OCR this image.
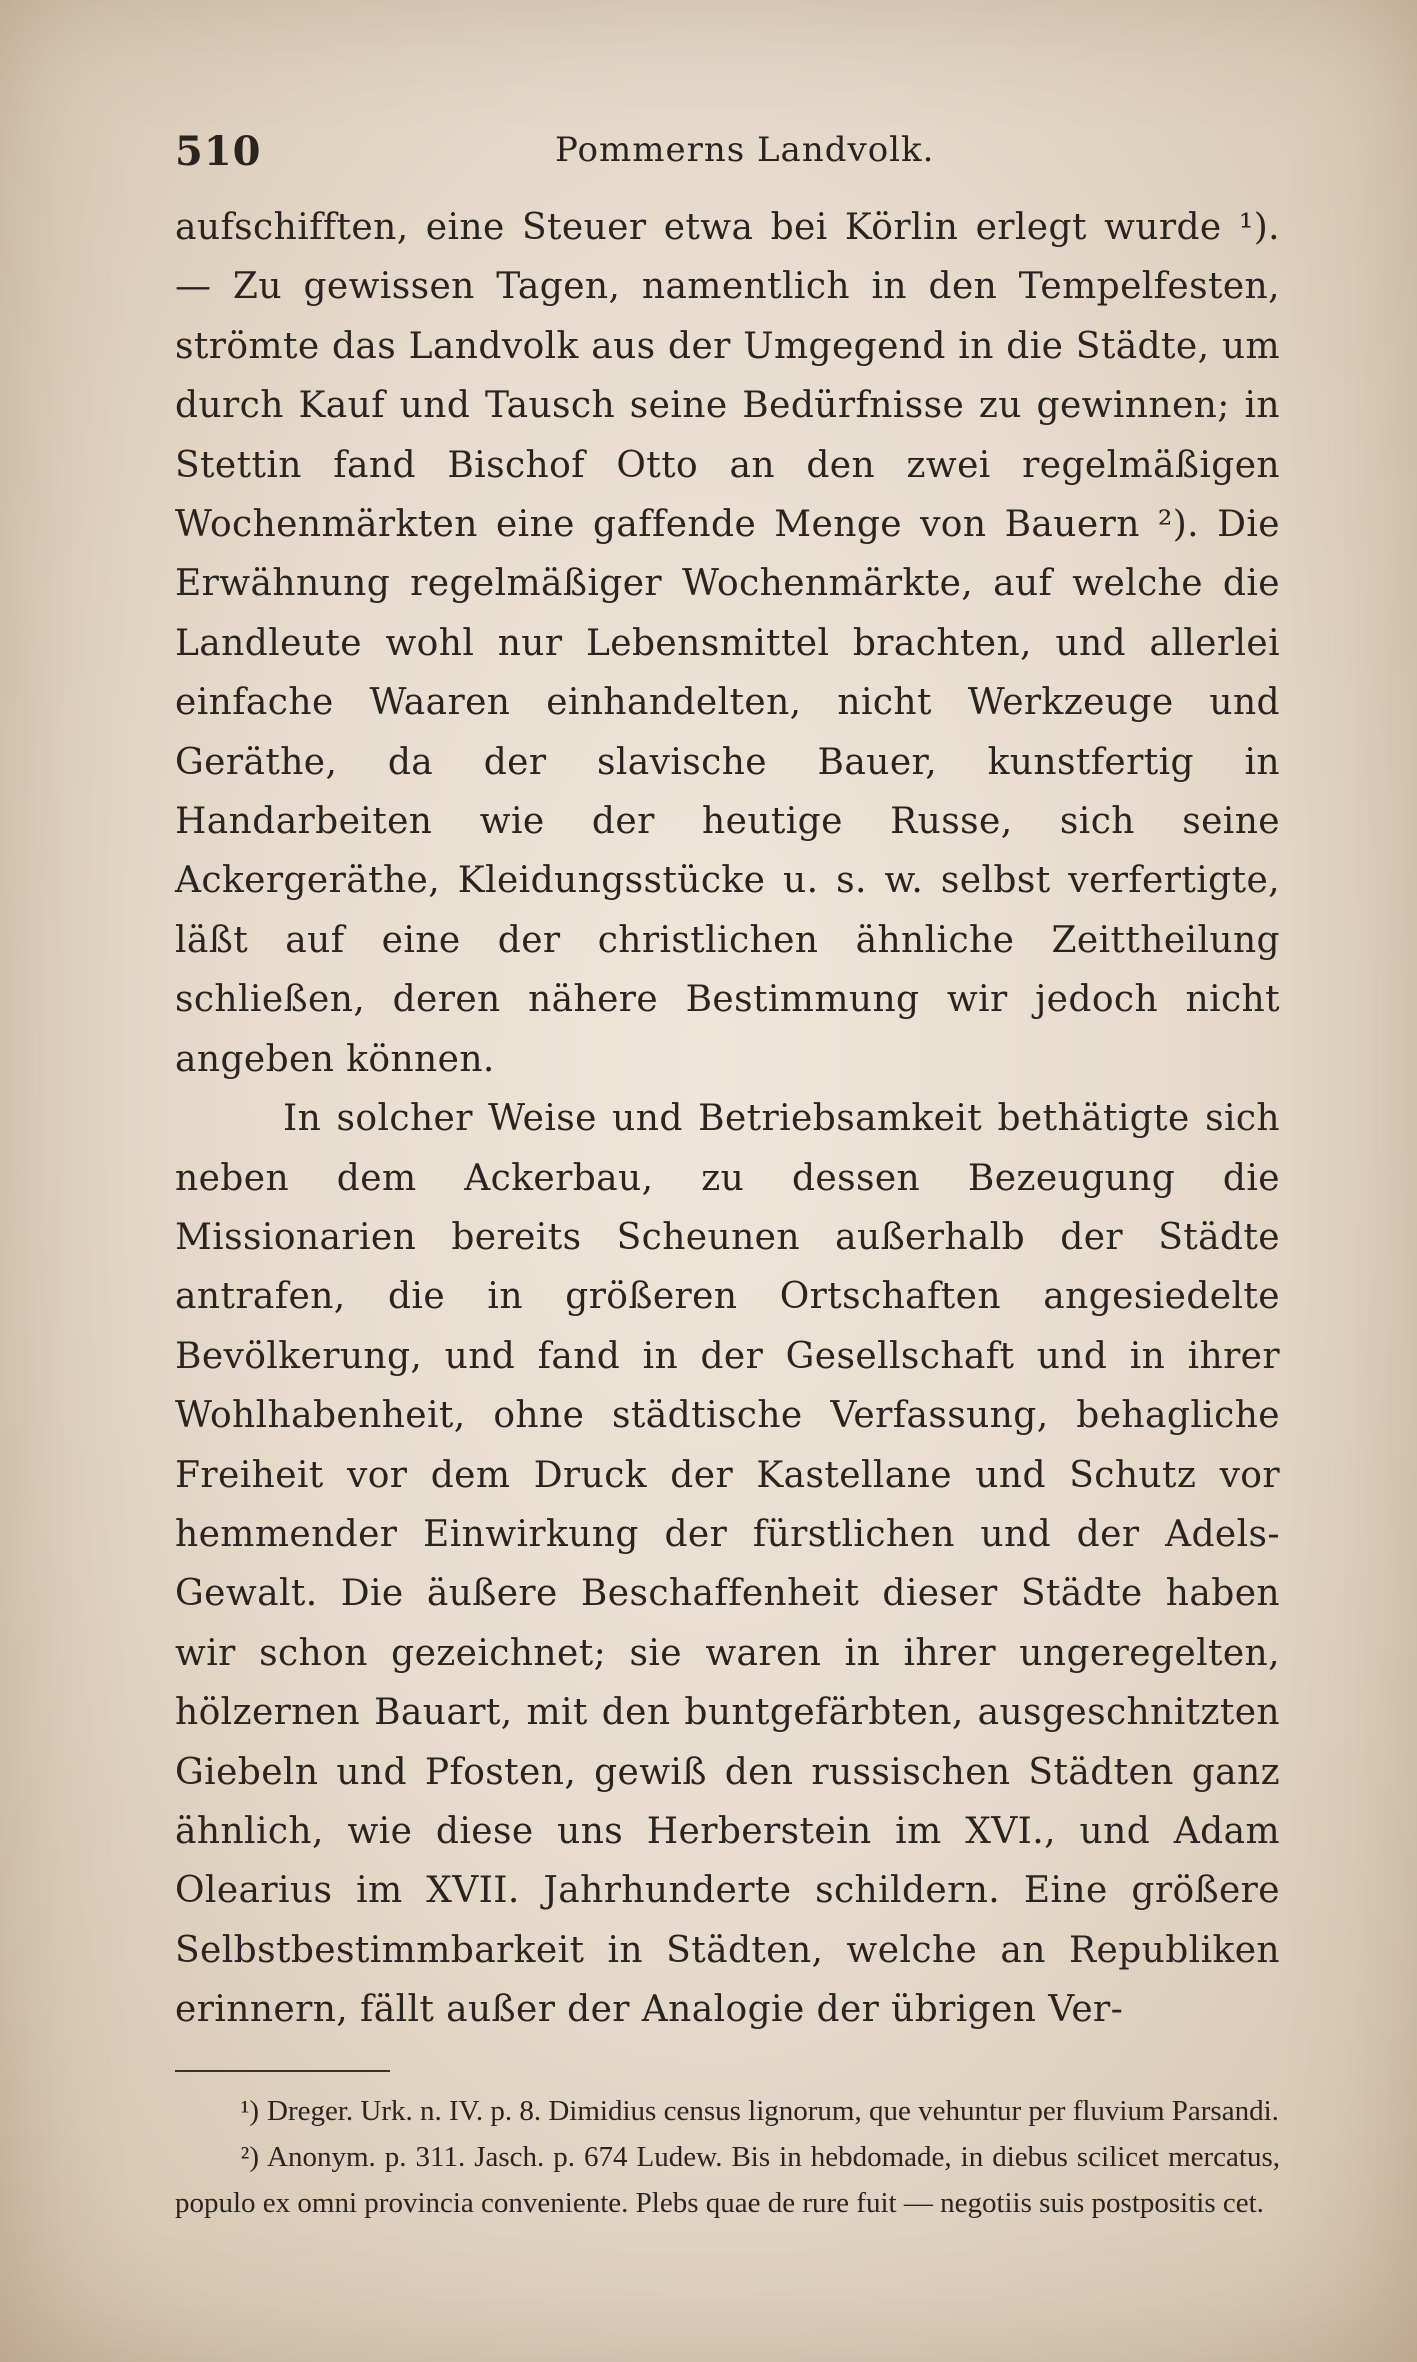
510	Pommerns Landvolk.

aufschifften, eine Steuer etwa bei Körlin erlegt wurde ¹). — Zu gewissen Tagen, namentlich in den Tempelfesten, strömte das Landvolk aus der Umgegend in die Städte, um durch Kauf und Tausch seine Bedürfnisse zu gewinnen; in Stettin fand Bischof Otto an den zwei regelmäßigen Wochenmärkten eine gaffende Menge von Bauern ²). Die Erwähnung regelmäßiger Wochenmärkte, auf welche die Landleute wohl nur Lebensmittel brachten, und allerlei einfache Waaren einhandelten, nicht Werkzeuge und Geräthe, da der slavische Bauer, kunstfertig in Handarbeiten wie der heutige Russe, sich seine Ackergeräthe, Kleidungsstücke u. s. w. selbst verfertigte, läßt auf eine der christlichen ähnliche Zeittheilung schließen, deren nähere Bestimmung wir jedoch nicht angeben können.

In solcher Weise und Betriebsamkeit bethätigte sich neben dem Ackerbau, zu dessen Bezeugung die Missionarien bereits Scheunen außerhalb der Städte antrafen, die in größeren Ortschaften angesiedelte Bevölkerung, und fand in der Gesellschaft und in ihrer Wohlhabenheit, ohne städtische Verfassung, behagliche Freiheit vor dem Druck der Kastellane und Schutz vor hemmender Einwirkung der fürstlichen und der Adels-Gewalt. Die äußere Beschaffenheit dieser Städte haben wir schon gezeichnet; sie waren in ihrer ungeregelten, hölzernen Bauart, mit den buntgefärbten, ausgeschnitzten Giebeln und Pfosten, gewiß den russischen Städten ganz ähnlich, wie diese uns Herberstein im XVI., und Adam Olearius im XVII. Jahrhunderte schildern. Eine größere Selbstbestimmbarkeit in Städten, welche an Republiken erinnern, fällt außer der Analogie der übrigen Ver-

¹) Dreger. Urk. n. IV. p. 8. Dimidius census lignorum, que vehuntur per fluvium Parsandi.

²) Anonym. p. 311. Jasch. p. 674 Ludew. Bis in hebdomade, in diebus scilicet mercatus, populo ex omni provincia conveniente. Plebs quae de rure fuit — negotiis suis postpositis cet.
